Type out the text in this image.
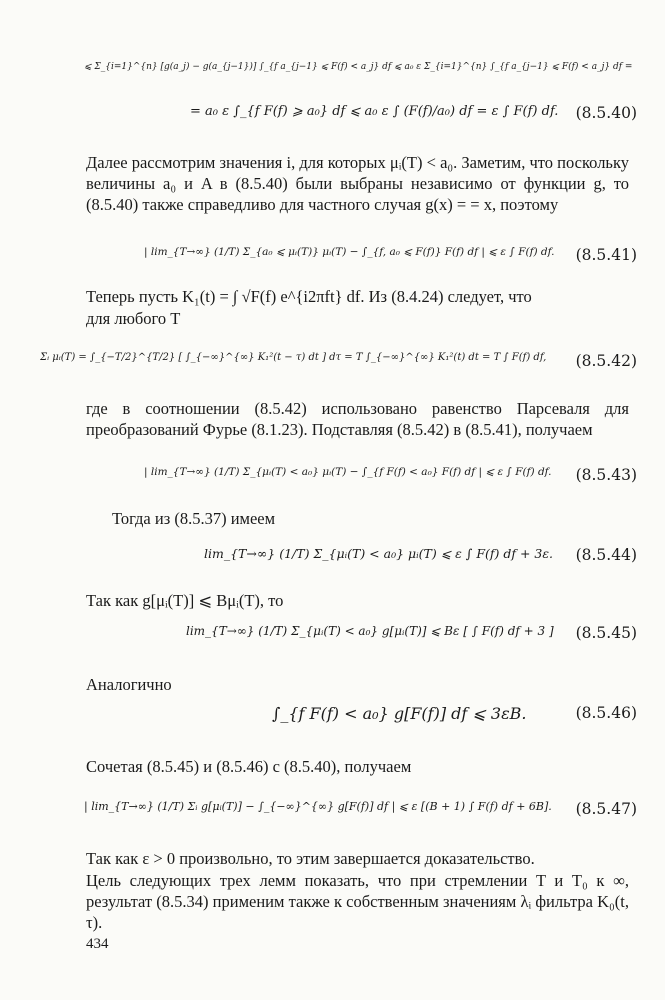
⩽ Σ_{i=1}^{n} [g(a_j) − g(a_{j−1})] ∫_{f a_{j−1} ⩽ F(f) < a_j} df ⩽ a₀ ε Σ_{i=1}^{n} ∫_{f a_{j−1} ⩽ F(f) < a_j} df =
= a₀ ε ∫_{f F(f) ⩾ a₀} df ⩽ a₀ ε ∫ (F(f)/a₀) df = ε ∫ F(f) df. (8.5.40)
Далее рассмотрим значения i, для которых μᵢ(T) < a₀. Заметим, что поскольку величины a₀ и A в (8.5.40) были выбраны независимо от функции g, то (8.5.40) также справедливо для частного случая g(x) = = x, поэтому
| lim_{T→∞} (1/T) Σ_{a₀ ⩽ μᵢ(T)} μᵢ(T) − ∫_{f, a₀ ⩽ F(f)} F(f) df | ⩽ ε ∫ F(f) df. (8.5.41)
Теперь пусть K₁(t) = ∫ √F(f) e^{i2πft} df. Из (8.4.24) следует, что

для любого T
Σᵢ μᵢ(T) = ∫_{−T/2}^{T/2} [ ∫_{−∞}^{∞} K₁²(t − τ) dt ] dτ = T ∫_{−∞}^{∞} K₁²(t) dt = T ∫ F(f) df, (8.5.42)
где в соотношении (8.5.42) использовано равенство Парсеваля для преобразований Фурье (8.1.23). Подставляя (8.5.42) в (8.5.41), получаем
| lim_{T→∞} (1/T) Σ_{μᵢ(T) < a₀} μᵢ(T) − ∫_{f F(f) < a₀} F(f) df | ⩽ ε ∫ F(f) df. (8.5.43)
Тогда из (8.5.37) имеем
lim_{T→∞} (1/T) Σ_{μᵢ(T) < a₀} μᵢ(T) ⩽ ε ∫ F(f) df + 3ε. (8.5.44)
Так как g[μᵢ(T)] ⩽ Bμᵢ(T), то
lim_{T→∞} (1/T) Σ_{μᵢ(T) < a₀} g[μᵢ(T)] ⩽ Bε [ ∫ F(f) df + 3 ] (8.5.45)
Аналогично
∫_{f F(f) < a₀} g[F(f)] df ⩽ 3εB.	(8.5.46)
Сочетая (8.5.45) и (8.5.46) с (8.5.40), получаем
| lim_{T→∞} (1/T) Σᵢ g[μᵢ(T)] − ∫_{−∞}^{∞} g[F(f)] df | ⩽ ε [(B + 1) ∫ F(f) df + 6B]. (8.5.47)
Так как ε > 0 произвольно, то этим завершается доказательство.
Цель следующих трех лемм показать, что при стремлении T и T₀ к ∞, результат (8.5.34) применим также к собственным значениям λᵢ фильтра K₀(t, τ).
434
